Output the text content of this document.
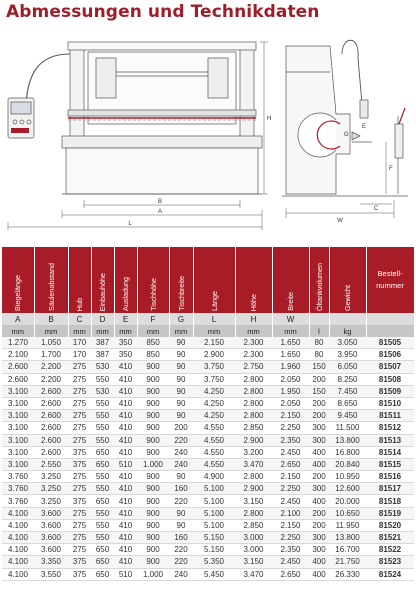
Abmessungen und Technikdaten
B
A
L
H
W
C
F
E
G
Biegelänge	Säulenabstand	Hub	Einbauhöhe	Ausladung	Tischhöhe	Tischbreite	Länge	Höhe	Breite	Öltankvolumen	Gewicht	Bestell-nummer
A	B	C	D	E	F	G	L	H	W			
mm	mm	mm	mm	mm	mm	mm	mm	mm	mm	l	kg	
1.270	1.050	170	387	350	850	90	2.150	2.300	1.650	80	3.050	81505
2.100	1.700	170	387	350	850	90	2.900	2.300	1.650	80	3.950	81506
2.600	2.200	275	530	410	900	90	3.750	2.750	1.960	150	6.050	81507
2.600	2.200	275	550	410	900	90	3.750	2.800	2.050	200	8.250	81508
3.100	2.600	275	530	410	900	90	4.250	2.800	1.950	150	7.450	81509
3.100	2.600	275	550	410	900	90	4.250	2.800	2.050	200	8.650	81510
3.100	2.600	275	550	410	900	90	4.250	2.800	2.150	200	9.450	81511
3.100	2.600	275	550	410	900	200	4.550	2.850	2.250	300	11.500	81512
3.100	2.600	275	550	410	900	220	4.550	2.900	2.350	300	13.800	81513
3.100	2.600	375	650	410	900	240	4.550	3.200	2.450	400	16.800	81514
3.100	2.550	375	650	510	1.000	240	4.550	3.470	2.650	400	20.840	81515
3.760	3.250	275	550	410	900	90	4.900	2.800	2.150	200	10.950	81516
3.760	3.250	275	550	410	900	160	5.100	2.900	2.250	300	12.600	81517
3.760	3.250	375	650	410	900	220	5.100	3.150	2.450	400	20.000	81518
4.100	3.600	275	550	410	900	90	5.100	2.800	2.100	200	10.650	81519
4.100	3.600	275	550	410	900	90	5.100	2.850	2.150	200	11.950	81520
4.100	3.600	275	550	410	900	160	5.150	3.000	2.250	300	13.800	81521
4.100	3.600	275	650	410	900	220	5.150	3.000	2.350	300	16.700	81522
4.100	3.350	375	650	410	900	220	5.350	3.150	2.450	400	21.750	81523
4.100	3.550	375	650	510	1.000	240	5.450	3.470	2.650	400	26.330	81524
